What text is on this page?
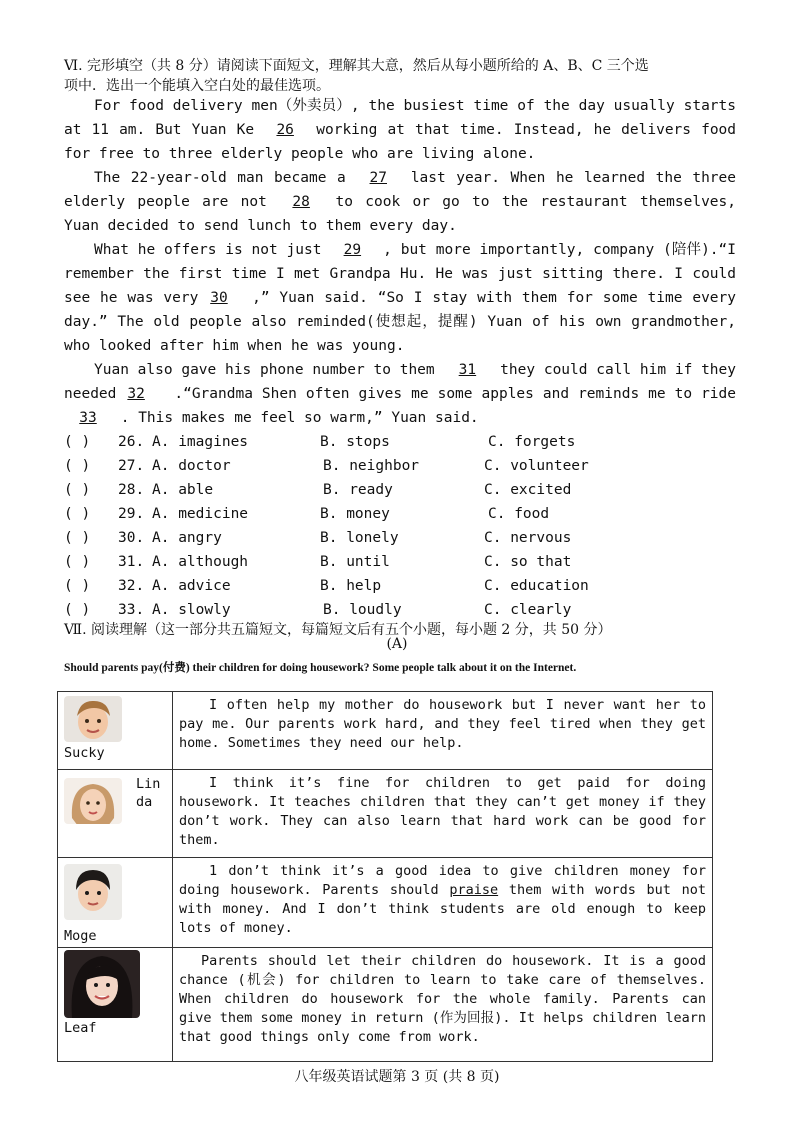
Ⅵ. 完形填空（共 8 分）请阅读下面短文，理解其大意，然后从每小题所给的 A、B、C 三个选
项中．选出一个能填入空白处的最佳选项。
For food delivery men（外卖员）, the busiest time of the day usually starts at 11 am. But Yuan Ke 26 working at that time. Instead, he delivers food for free to three elderly people who are living alone.
The 22-year-old man became a 27 last year. When he learned the three elderly people are not 28 to cook or go to the restaurant themselves, Yuan decided to send lunch to them every day.
What he offers is not just 29 , but more importantly, company (陪伴).“I remember the first time I met Grandpa Hu. He was just sitting there. I could see he was very 30 ,” Yuan said. “So I stay with them for some time every day.” The old people also reminded(使想起，提醒) Yuan of his own grandmother, who looked after him when he was young.
Yuan also gave his phone number to them 31 they could call him if they needed 32 .“Grandma Shen often gives me some apples and reminds me to ride 33 . This makes me feel so warm,” Yuan said.
( ) 26. A. imagines	B. stops	C. forgets
( ) 27. A. doctor	B. neighbor	C. volunteer
( ) 28. A. able	B. ready	C. excited
( ) 29. A. medicine	B. money	C. food
( ) 30. A. angry	B. lonely	C. nervous
( ) 31. A. although	B. until	C. so that
( ) 32. A. advice	B. help	C. education
( ) 33. A. slowly	B. loudly	C. clearly
Ⅶ. 阅读理解（这一部分共五篇短文，每篇短文后有五个小题，每小题 2 分，共 50 分）
(A)
Should parents pay(付费) their children for doing housework? Some people talk about it on the Internet.
Sucky	I often help my mother do housework but I never want her to pay me. Our parents work hard, and they feel tired when they get home. Sometimes they need our help.

Lin
da	I think it’s fine for children to get paid for doing housework. It teaches children that they can’t get money if they don’t work. They can also learn that hard work can be good for them.

Moge	1 don’t think it’s a good idea to give children money for doing housework. Parents should praise them with words but not with money. And I don’t think students are old enough to keep lots of money.

Leaf	Parents should let their children do housework. It is a good chance (机会) for children to learn to take care of themselves. When children do housework for the whole family. Parents can give them some money in return (作为回报). It helps children learn that good things only come from work.
八年级英语试题第 3 页 (共 8 页)
